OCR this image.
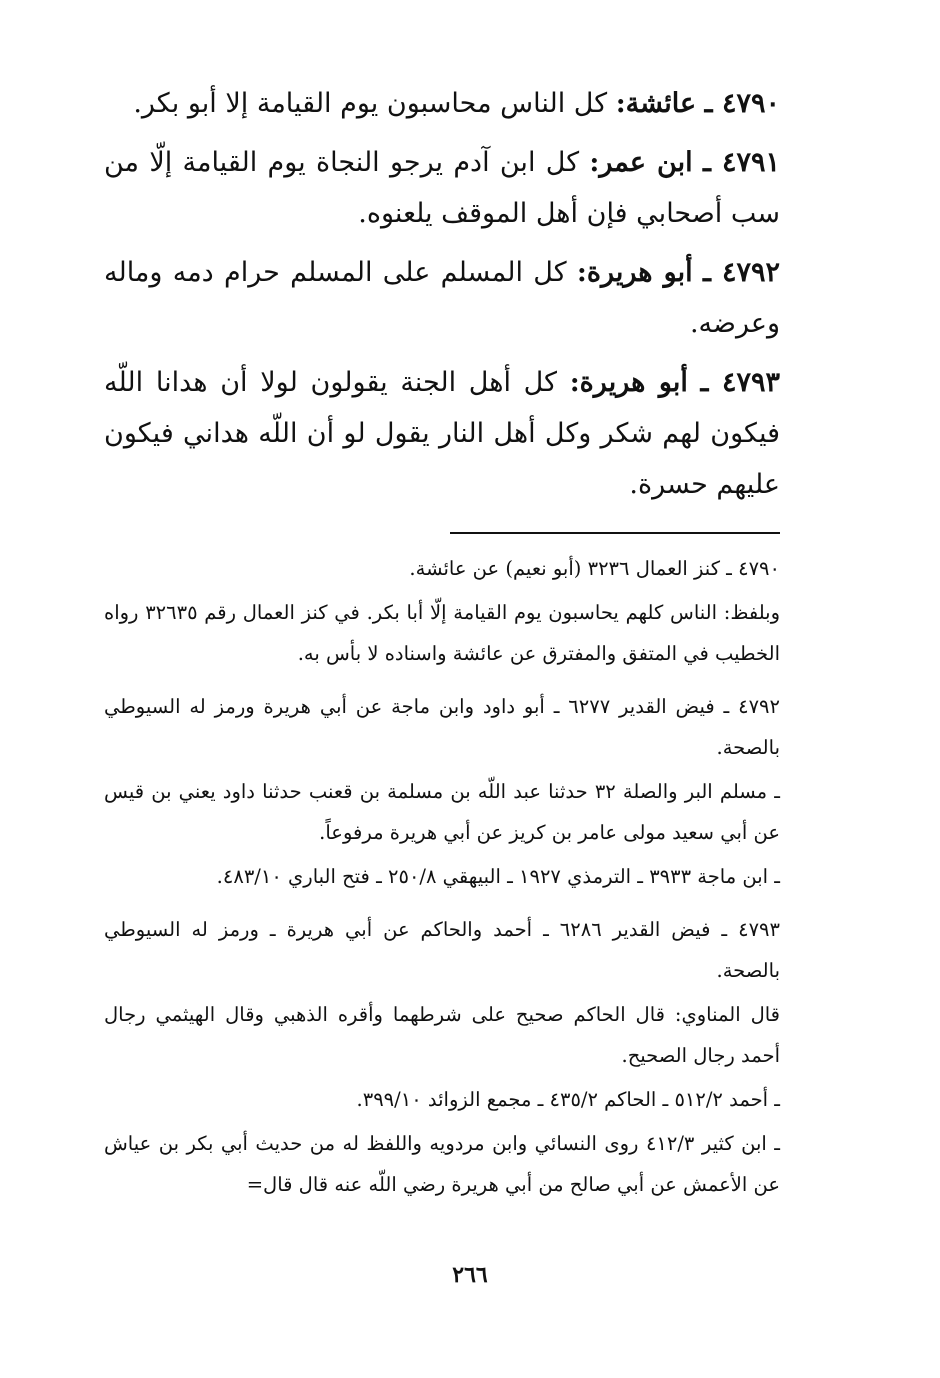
٤٧٩٠ ـ عائشة: كل الناس محاسبون يوم القيامة إلا أبو بكر.

٤٧٩١ ـ ابن عمر: كل ابن آدم يرجو النجاة يوم القيامة إلّا من سب أصحابي فإن أهل الموقف يلعنوه.

٤٧٩٢ ـ أبو هريرة: كل المسلم على المسلم حرام دمه وماله وعرضه.

٤٧٩٣ ـ أبو هريرة: كل أهل الجنة يقولون لولا أن هدانا اللّه فيكون لهم شكر وكل أهل النار يقول لو أن اللّه هداني فيكون عليهم حسرة.

٤٧٩٠ ـ كنز العمال ٣٢٣٦ (أبو نعيم) عن عائشة.

وبلفظ: الناس كلهم يحاسبون يوم القيامة إلّا أبا بكر. في كنز العمال رقم ٣٢٦٣٥ رواه الخطيب في المتفق والمفترق عن عائشة واسناده لا بأس به.

٤٧٩٢ ـ فيض القدير ٦٢٧٧ ـ أبو داود وابن ماجة عن أبي هريرة ورمز له السيوطي بالصحة.

ـ مسلم البر والصلة ٣٢ حدثنا عبد اللّه بن مسلمة بن قعنب حدثنا داود يعني بن قيس عن أبي سعيد مولى عامر بن كريز عن أبي هريرة مرفوعاً.

ـ ابن ماجة ٣٩٣٣ ـ الترمذي ١٩٢٧ ـ البيهقي ٢٥٠/٨ ـ فتح الباري ٤٨٣/١٠.

٤٧٩٣ ـ فيض القدير ٦٢٨٦ ـ أحمد والحاكم عن أبي هريرة ـ ورمز له السيوطي بالصحة.

قال المناوي: قال الحاكم صحيح على شرطهما وأقره الذهبي وقال الهيثمي رجال أحمد رجال الصحيح.

ـ أحمد ٥١٢/٢ ـ الحاكم ٤٣٥/٢ ـ مجمع الزوائد ٣٩٩/١٠.

ـ ابن كثير ٤١٢/٣ روى النسائي وابن مردويه واللفظ له من حديث أبي بكر بن عياش عن الأعمش عن أبي صالح من أبي هريرة رضي اللّه عنه قال قال=

٢٦٦
